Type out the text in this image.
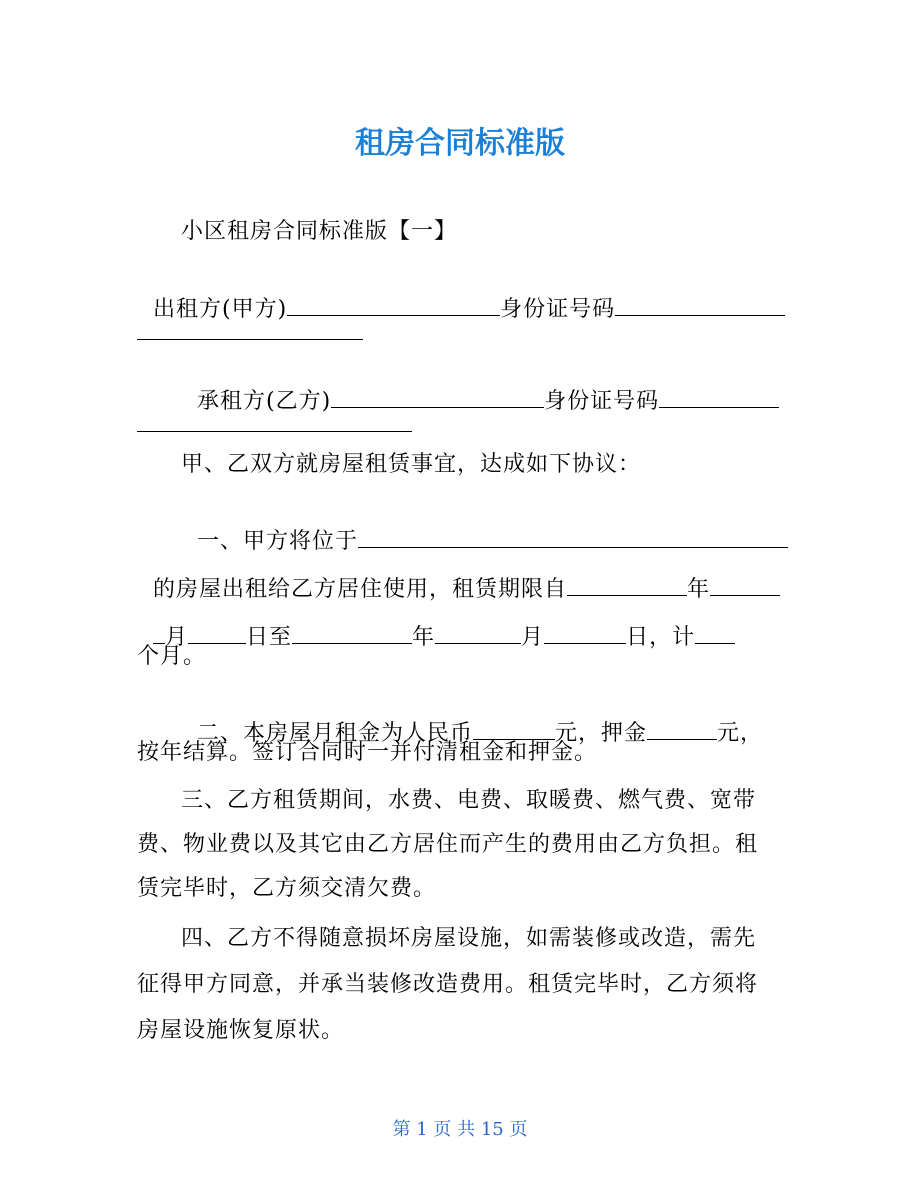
租房合同标准版
小区租房合同标准版【一】

出租方(甲方)	身份证号码

承租方(乙方)	身份证号码

甲、乙双方就房屋租赁事宜，达成如下协议：

一、甲方将位于

的房屋出租给乙方居住使用，租赁期限自	年

月	日至	年	月	日，计

个月。

二、本房屋月租金为人民币	元，押金	元，

按年结算。签订合同时一并付清租金和押金。
三、乙方租赁期间，水费、电费、取暖费、燃气费、宽带
费、物业费以及其它由乙方居住而产生的费用由乙方负担。租
赁完毕时，乙方须交清欠费。
四、乙方不得随意损坏房屋设施，如需装修或改造，需先
征得甲方同意，并承当装修改造费用。租赁完毕时，乙方须将
房屋设施恢复原状。
第 1 页 共 15 页
